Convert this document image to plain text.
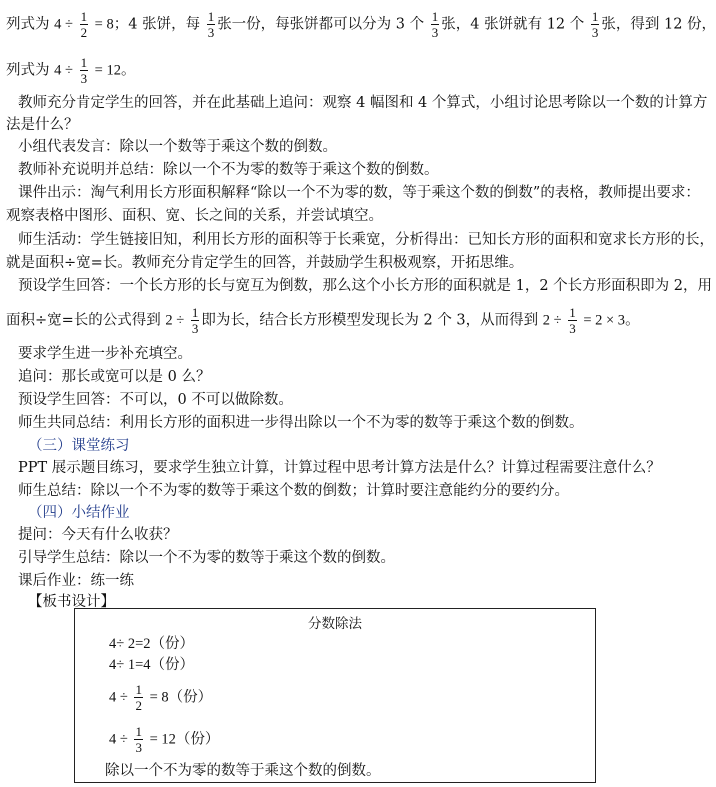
列式为 $4 \div \frac{1}{2} = 8$；4 张饼，每 $\frac{1}{3}$ 张一份，每张饼都可以分为 3 个 $\frac{1}{3}$ 张，4 张饼就有 12 个 $\frac{1}{3}$ 张，得到 12 份，
列式为 $4 \div \frac{1}{3} = 12$。
教师充分肯定学生的回答，并在此基础上追问：观察 4 幅图和 4 个算式，小组讨论思考除以一个数的计算方
法是什么？
小组代表发言：除以一个数等于乘这个数的倒数。
教师补充说明并总结：除以一个不为零的数等于乘这个数的倒数。
课件出示：淘气利用长方形面积解释“除以一个不为零的数，等于乘这个数的倒数”的表格，教师提出要求：
观察表格中图形、面积、宽、长之间的关系，并尝试填空。
师生活动：学生链接旧知，利用长方形的面积等于长乘宽，分析得出：已知长方形的面积和宽求长方形的长，
就是面积÷宽=长。教师充分肯定学生的回答，并鼓励学生积极观察，开拓思维。
预设学生回答：一个长方形的长与宽互为倒数，那么这个小长方形的面积就是 1，2 个长方形面积即为 2，用
面积÷宽=长的公式得到 $2 \div \frac{1}{3}$ 即为长，结合长方形模型发现长为 2 个 3，从而得到 $2 \div \frac{1}{3} = 2 \times 3$。
要求学生进一步补充填空。
追问：那长或宽可以是 0 么？
预设学生回答：不可以，0 不可以做除数。
师生共同总结：利用长方形的面积进一步得出除以一个不为零的数等于乘这个数的倒数。
（三）课堂练习
PPT 展示题目练习，要求学生独立计算，计算过程中思考计算方法是什么？计算过程需要注意什么？
师生总结：除以一个不为零的数等于乘这个数的倒数；计算时要注意能约分的要约分。
（四）小结作业
提问：今天有什么收获？
引导学生总结：除以一个不为零的数等于乘这个数的倒数。
课后作业：练一练
【板书设计】
分数除法
4÷ 2=2（份）
4÷ 1=4（份）
$4 \div \frac{1}{2} = 8$（份）
$4 \div \frac{1}{3} = 12$（份）
除以一个不为零的数等于乘这个数的倒数。
